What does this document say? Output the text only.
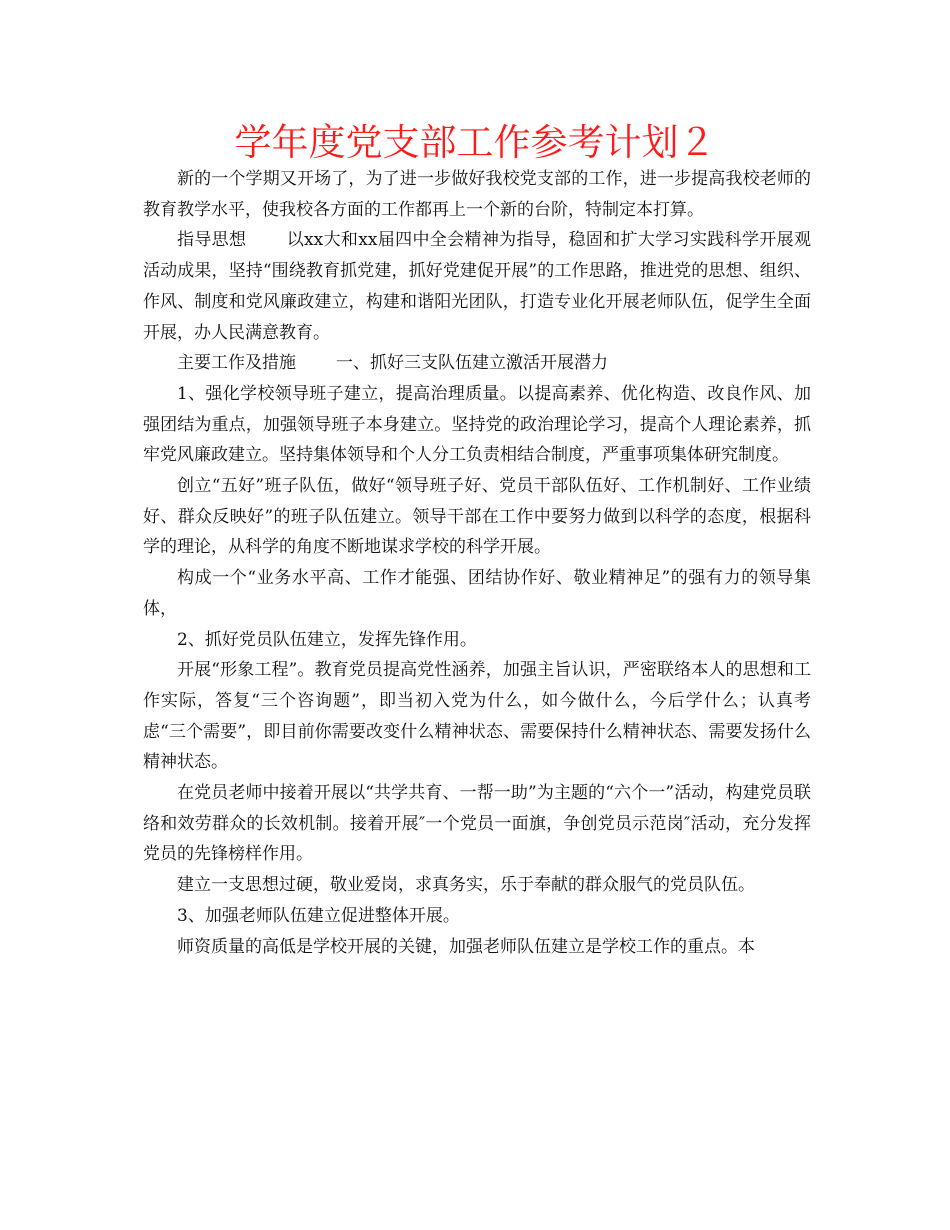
学年度党支部工作参考计划２

新的一个学期又开场了，为了进一步做好我校党支部的工作，进一步提高我校老师的教育教学水平，使我校各方面的工作都再上一个新的台阶，特制定本打算。

指导思想 以xx大和xx届四中全会精神为指导，稳固和扩大学习实践科学开展观活动成果，坚持“围绕教育抓党建，抓好党建促开展”的工作思路，推进党的思想、组织、作风、制度和党风廉政建立，构建和谐阳光团队，打造专业化开展老师队伍，促学生全面开展，办人民满意教育。

主要工作及措施 一、抓好三支队伍建立激活开展潜力

1、强化学校领导班子建立，提高治理质量。以提高素养、优化构造、改良作风、加强团结为重点，加强领导班子本身建立。坚持党的政治理论学习，提高个人理论素养，抓牢党风廉政建立。坚持集体领导和个人分工负责相结合制度，严重事项集体研究制度。

创立“五好”班子队伍，做好“领导班子好、党员干部队伍好、工作机制好、工作业绩好、群众反映好”的班子队伍建立。领导干部在工作中要努力做到以科学的态度，根据科学的理论，从科学的角度不断地谋求学校的科学开展。

构成一个“业务水平高、工作才能强、团结协作好、敬业精神足”的强有力的领导集体，

2、抓好党员队伍建立，发挥先锋作用。

开展“形象工程”。教育党员提高党性涵养，加强主旨认识，严密联络本人的思想和工作实际，答复“三个咨询题”，即当初入党为什么，如今做什么，今后学什么；认真考虑“三个需要”，即目前你需要改变什么精神状态、需要保持什么精神状态、需要发扬什么精神状态。

在党员老师中接着开展以“共学共育、一帮一助”为主题的“六个一”活动，构建党员联络和效劳群众的长效机制。接着开展″一个党员一面旗，争创党员示范岗″活动，充分发挥党员的先锋榜样作用。

建立一支思想过硬，敬业爱岗，求真务实，乐于奉献的群众服气的党员队伍。

3、加强老师队伍建立促进整体开展。

师资质量的高低是学校开展的关键，加强老师队伍建立是学校工作的重点。本
